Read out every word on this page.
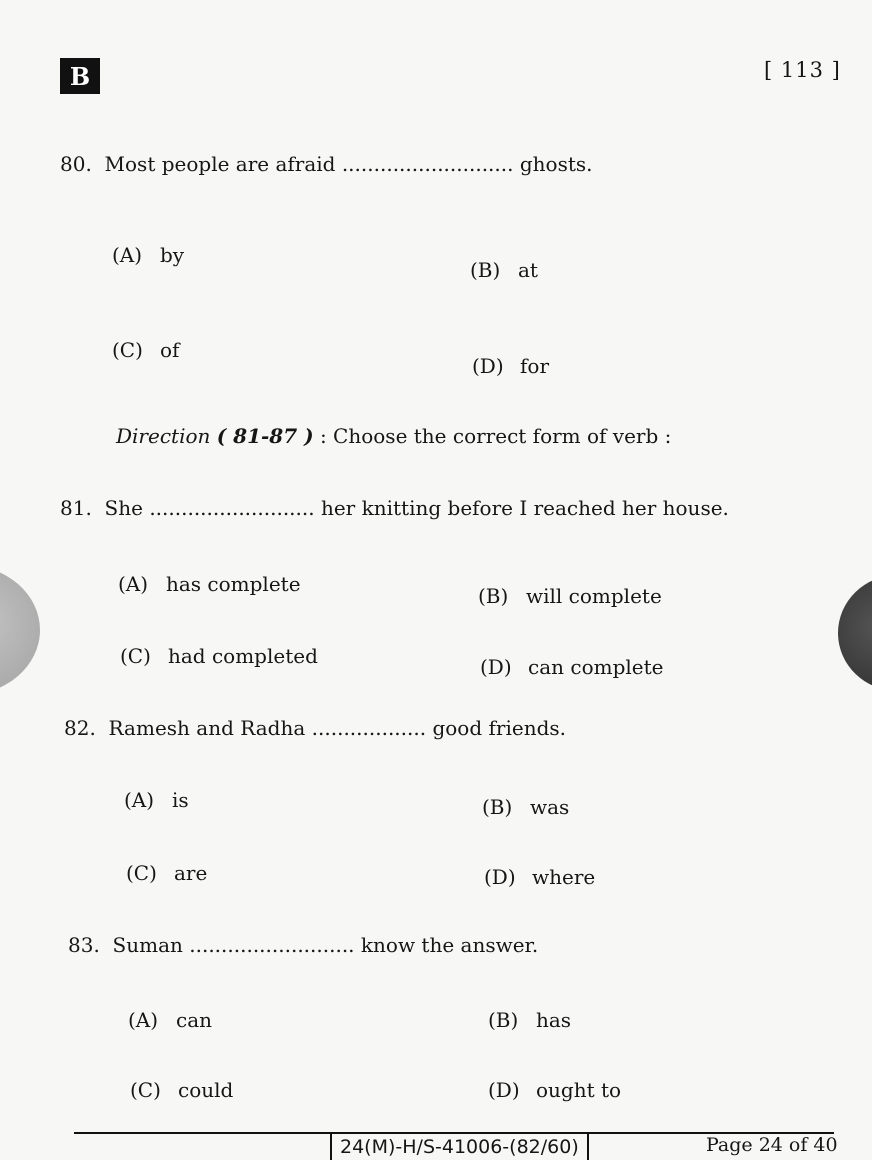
B	[ 113 ]
80. Most people are afraid ........................... ghosts.
(A) by
(B) at
(C) of
(D) for
Direction ( 81-87 ) : Choose the correct form of verb :
81. She .......................... her knitting before I reached her house.
(A) has complete	(B) will complete
(C) had completed	(D) can complete
82. Ramesh and Radha .................. good friends.
(A) is	(B) was
(C) are	(D) where
83. Suman .......................... know the answer.
(A) can	(B) has
(C) could	(D) ought to
24(M)-H/S-41006-(82/60)	Page 24 of 40
